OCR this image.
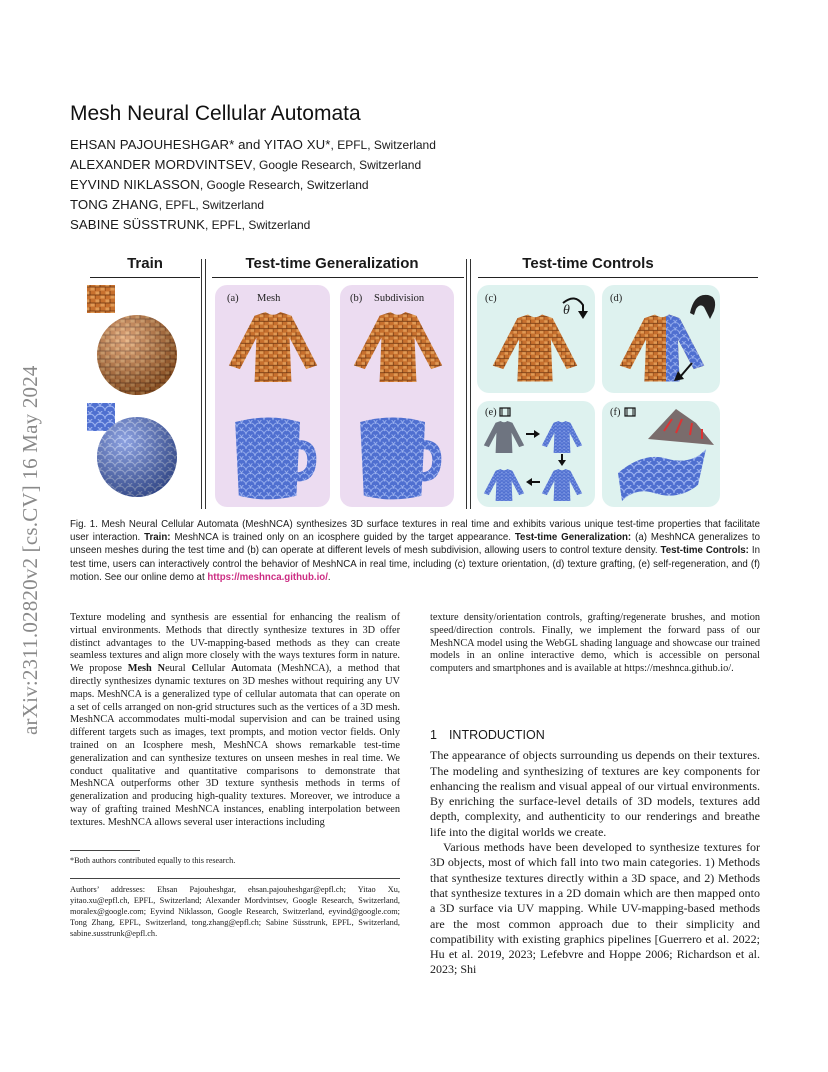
arXiv:2311.02820v2 [cs.CV] 16 May 2024
Mesh Neural Cellular Automata
EHSAN PAJOUHESHGAR* and YITAO XU*, EPFL, Switzerland
ALEXANDER MORDVINTSEV, Google Research, Switzerland
EYVIND NIKLASSON, Google Research, Switzerland
TONG ZHANG, EPFL, Switzerland
SABINE SÜSSTRUNK, EPFL, Switzerland
Train	Test-time Generalization	Test-time Controls
(a) Mesh	(b) Subdivision	(c)
θ
(d)
(e)	(f)
Fig. 1. Mesh Neural Cellular Automata (MeshNCA) synthesizes 3D surface textures in real time and exhibits various unique test-time properties that facilitate user interaction. Train: MeshNCA is trained only on an icosphere guided by the target appearance. Test-time Generalization: (a) MeshNCA generalizes to unseen meshes during the test time and (b) can operate at different levels of mesh subdivision, allowing users to control texture density. Test-time Controls: In test time, users can interactively control the behavior of MeshNCA in real time, including (c) texture orientation, (d) texture grafting, (e) self-regeneration, and (f) motion. See our online demo at https://meshnca.github.io/.

Texture modeling and synthesis are essential for enhancing the realism of virtual environments. Methods that directly synthesize textures in 3D offer distinct advantages to the UV-mapping-based methods as they can create seamless textures and align more closely with the ways textures form in nature. We propose Mesh Neural Cellular Automata (MeshNCA), a method that directly synthesizes dynamic textures on 3D meshes without requiring any UV maps. MeshNCA is a generalized type of cellular automata that can operate on a set of cells arranged on non-grid structures such as the vertices of a 3D mesh. MeshNCA accommodates multi-modal supervision and can be trained using different targets such as images, text prompts, and motion vector fields. Only trained on an Icosphere mesh, MeshNCA shows remarkable test-time generalization and can synthesize textures on unseen meshes in real time. We conduct qualitative and quantitative comparisons to demonstrate that MeshNCA outperforms other 3D texture synthesis methods in terms of generalization and producing high-quality textures. Moreover, we introduce a way of grafting trained MeshNCA instances, enabling interpolation between textures. MeshNCA allows several user interactions including

*Both authors contributed equally to this research.
Authors’ addresses: Ehsan Pajouheshgar, ehsan.pajouheshgar@epfl.ch; Yitao Xu, yitao.xu@epfl.ch, EPFL, Switzerland; Alexander Mordvintsev, Google Research, Switzerland, moralex@google.com; Eyvind Niklasson, Google Research, Switzerland, eyvind@google.com; Tong Zhang, EPFL, Switzerland, tong.zhang@epfl.ch; Sabine Süsstrunk, EPFL, Switzerland, sabine.susstrunk@epfl.ch.

texture density/orientation controls, grafting/regenerate brushes, and motion speed/direction controls. Finally, we implement the forward pass of our MeshNCA model using the WebGL shading language and showcase our trained models in an online interactive demo, which is accessible on personal computers and smartphones and is available at https://meshnca.github.io/.

1 INTRODUCTION

The appearance of objects surrounding us depends on their textures. The modeling and synthesizing of textures are key components for enhancing the realism and visual appeal of our virtual environments. By enriching the surface-level details of 3D models, textures add depth, complexity, and authenticity to our renderings and breathe life into the digital worlds we create.

Various methods have been developed to synthesize textures for 3D objects, most of which fall into two main categories. 1) Methods that synthesize textures directly within a 3D space, and 2) Methods that synthesize textures in a 2D domain which are then mapped onto a 3D surface via UV mapping. While UV-mapping-based methods are the most common approach due to their simplicity and compatibility with existing graphics pipelines [Guerrero et al. 2022; Hu et al. 2019, 2023; Lefebvre and Hoppe 2006; Richardson et al. 2023; Shi
